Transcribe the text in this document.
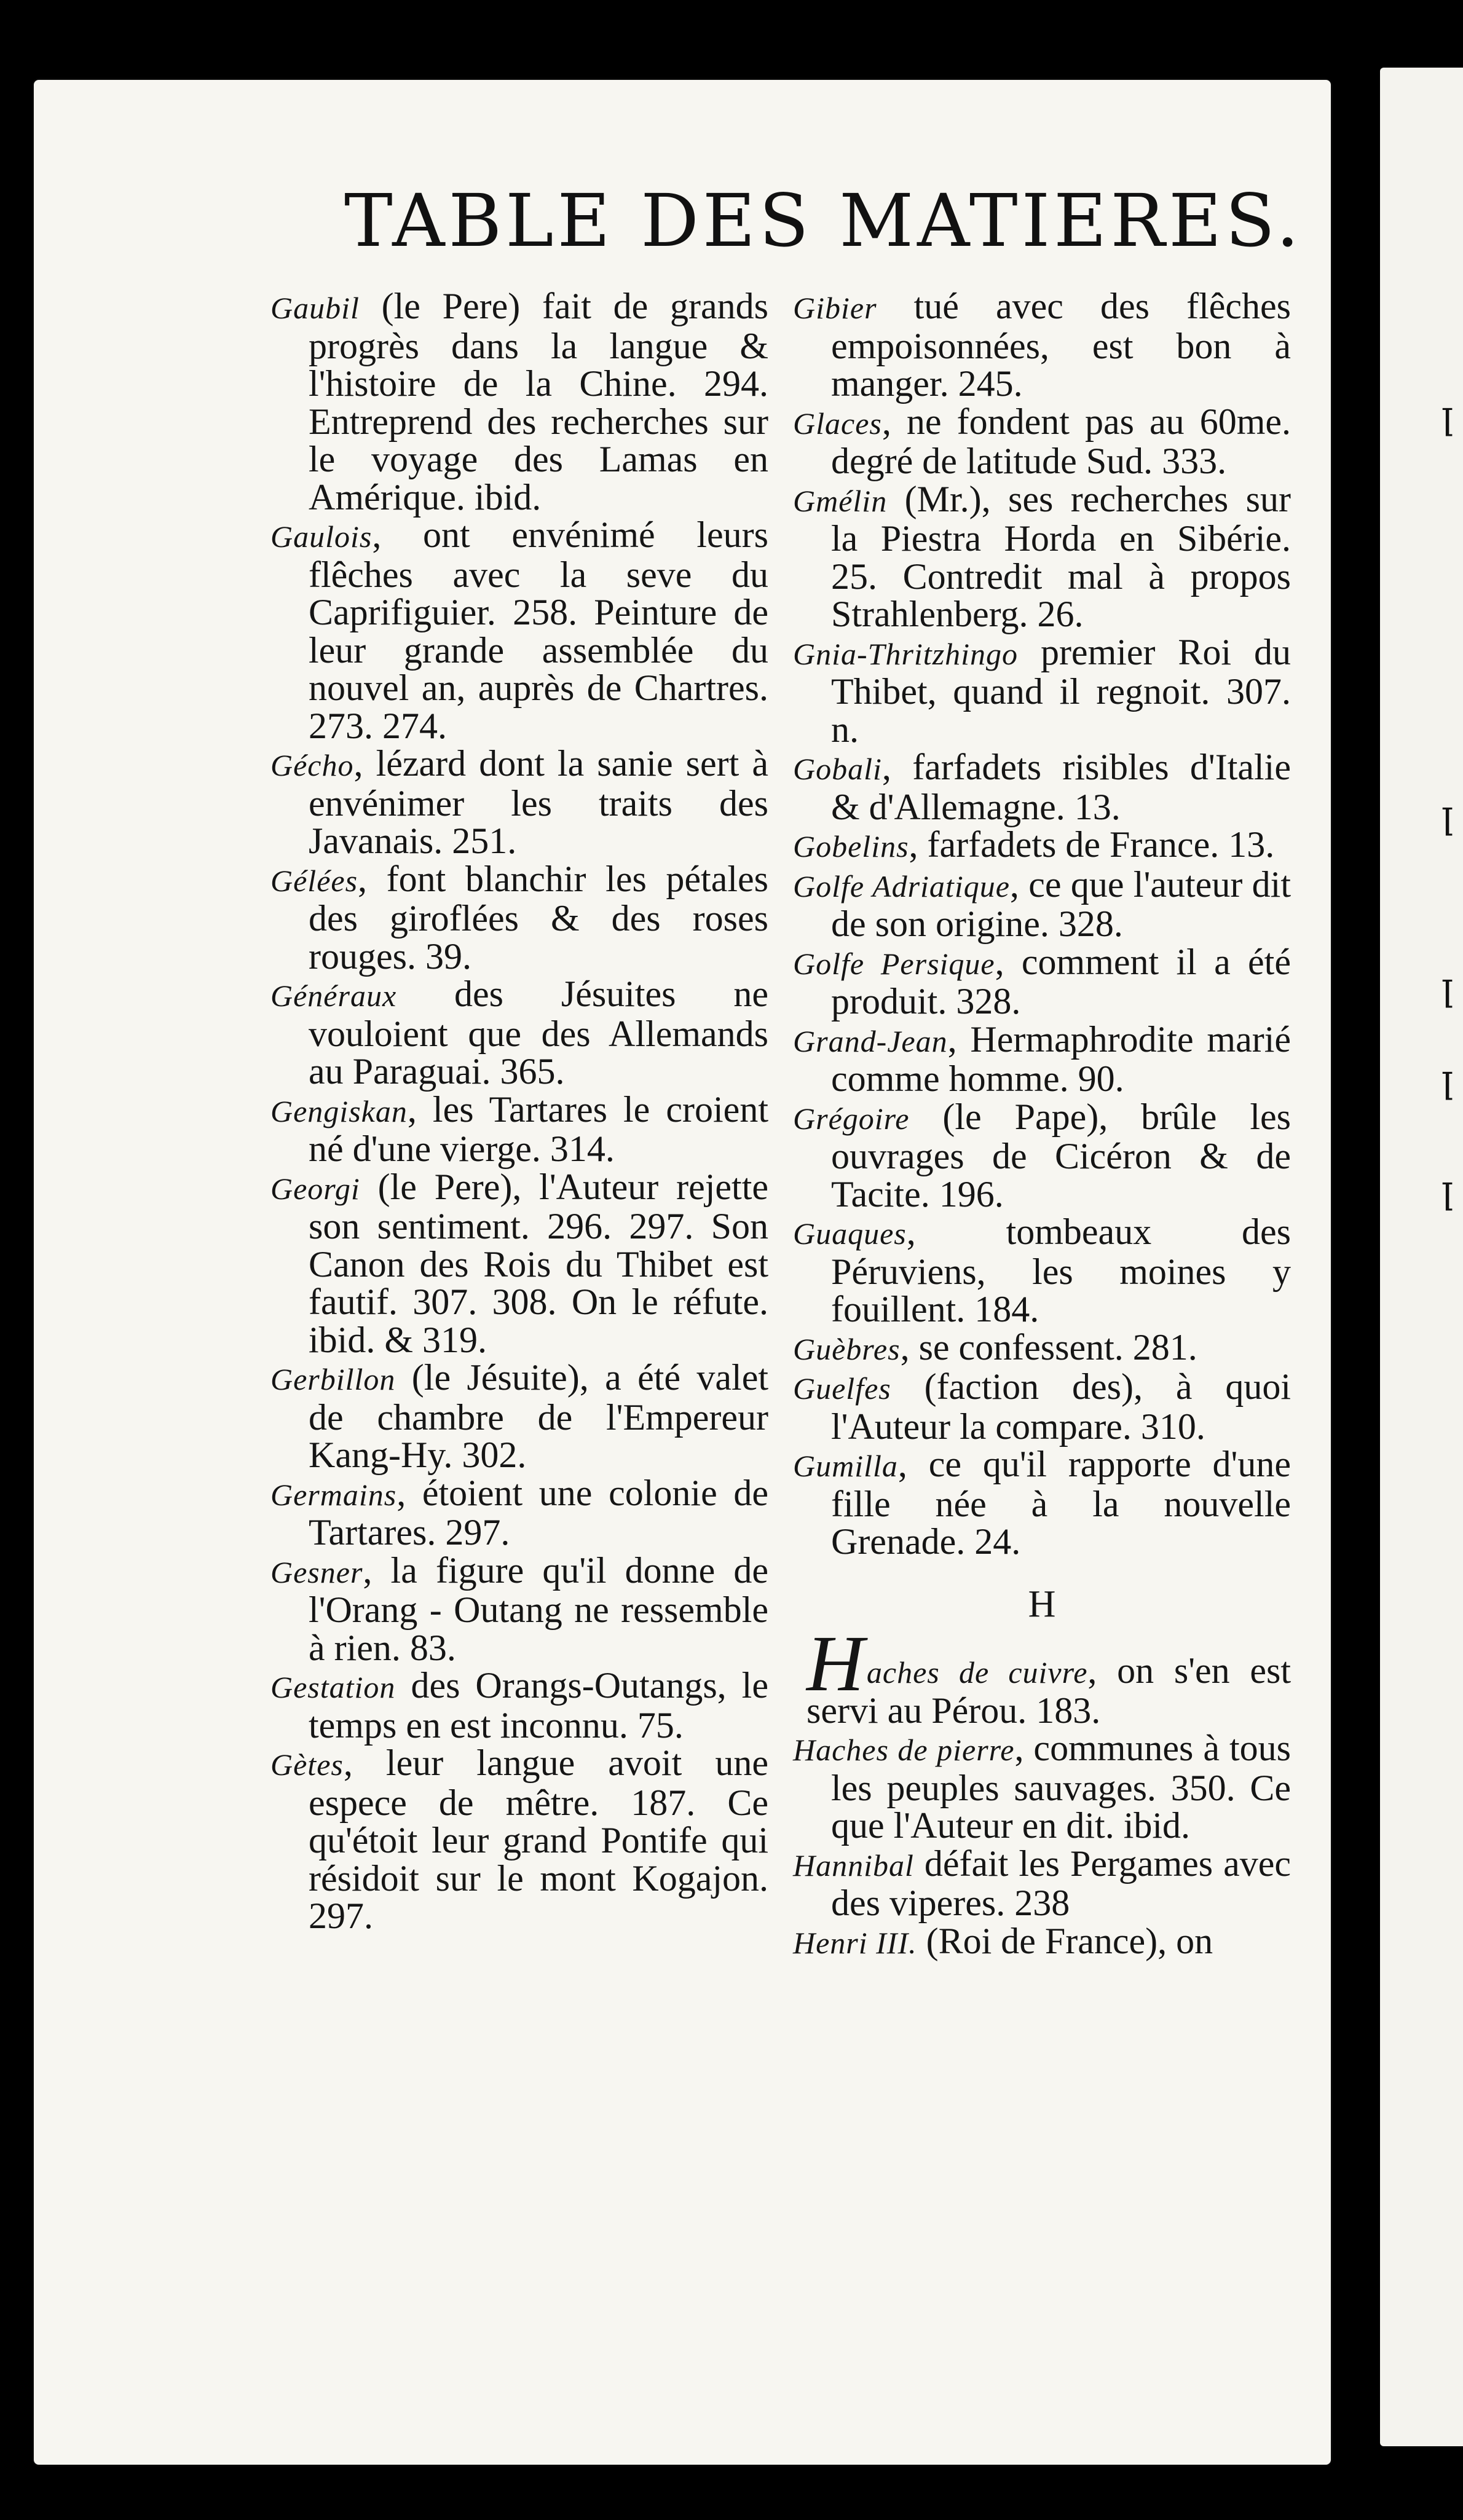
ꞁ
ꞁ
ꞁ
ꞁ
ꞁ
TABLE DES MATIERES.

Gaubil (le Pere) fait de grands progrès dans la langue & l'histoire de la Chine. 294. Entreprend des recherches sur le voyage des Lamas en Amérique. ibid.

Gaulois, ont envénimé leurs flêches avec la seve du Caprifiguier. 258. Peinture de leur grande assemblée du nouvel an, auprès de Chartres. 273. 274.

Gécho, lézard dont la sanie sert à envénimer les traits des Javanais. 251.

Gélées, font blanchir les pétales des giroflées & des roses rouges. 39.

Généraux des Jésuites ne vouloient que des Allemands au Paraguai. 365.

Gengiskan, les Tartares le croient né d'une vierge. 314.

Georgi (le Pere), l'Auteur rejette son sentiment. 296. 297. Son Canon des Rois du Thibet est fautif. 307. 308. On le réfute. ibid. & 319.

Gerbillon (le Jésuite), a été valet de chambre de l'Empereur Kang-Hy. 302.

Germains, étoient une colonie de Tartares. 297.

Gesner, la figure qu'il donne de l'Orang - Outang ne ressemble à rien. 83.

Gestation des Orangs-Outangs, le temps en est inconnu. 75.

Gètes, leur langue avoit une espece de mêtre. 187. Ce qu'étoit leur grand Pontife qui résidoit sur le mont Kogajon. 297.

Gibier tué avec des flêches empoisonnées, est bon à manger. 245.

Glaces, ne fondent pas au 60me. degré de latitude Sud. 333.

Gmélin (Mr.), ses recherches sur la Piestra Horda en Sibérie. 25. Contredit mal à propos Strahlenberg. 26.

Gnia-Thritzhingo premier Roi du Thibet, quand il regnoit. 307. n.

Gobali, farfadets risibles d'Italie & d'Allemagne. 13.

Gobelins, farfadets de France. 13.

Golfe Adriatique, ce que l'auteur dit de son origine. 328.

Golfe Persique, comment il a été produit. 328.

Grand-Jean, Hermaphrodite marié comme homme. 90.

Grégoire (le Pape), brûle les ouvrages de Cicéron & de Tacite. 196.

Guaques, tombeaux des Péruviens, les moines y fouillent. 184.

Guèbres, se confessent. 281.

Guelfes (faction des), à quoi l'Auteur la compare. 310.

Gumilla, ce qu'il rapporte d'une fille née à la nouvelle Grenade. 24.

H

Haches de cuivre, on s'en est servi au Pérou. 183.

Haches de pierre, communes à tous les peuples sauvages. 350. Ce que l'Auteur en dit. ibid.

Hannibal défait les Pergames avec des viperes. 238

Henri III. (Roi de France), on
